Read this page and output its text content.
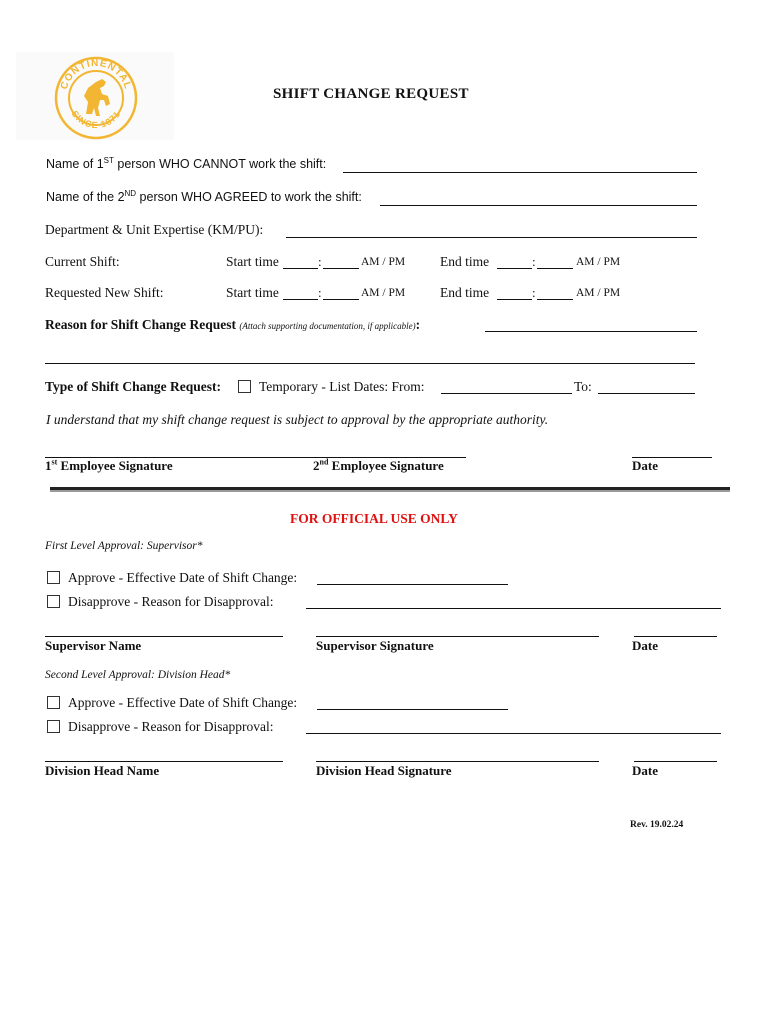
CONTINENTAL
SINCE 1871
SHIFT CHANGE REQUEST
Name of 1ST person WHO CANNOT work the shift:
Name of the 2ND person WHO AGREED to work the shift:
Department & Unit Expertise (KM/PU):
Current Shift:	Start time	:	AM / PM	End time	:	AM / PM
Requested New Shift:	Start time	:	AM / PM	End time	:	AM / PM
Reason for Shift Change Request (Attach supporting documentation, if applicable):
Type of Shift Change Request:	Temporary - List Dates: From:	To:
I understand that my shift change request is subject to approval by the appropriate authority.
1st Employee Signature	2nd Employee Signature	Date
FOR OFFICIAL USE ONLY
First Level Approval: Supervisor*
Approve - Effective Date of Shift Change:
Disapprove - Reason for Disapproval:
Supervisor Name	Supervisor Signature	Date
Second Level Approval: Division Head*
Approve - Effective Date of Shift Change:
Disapprove - Reason for Disapproval:
Division Head Name	Division Head Signature	Date
Rev. 19.02.24
